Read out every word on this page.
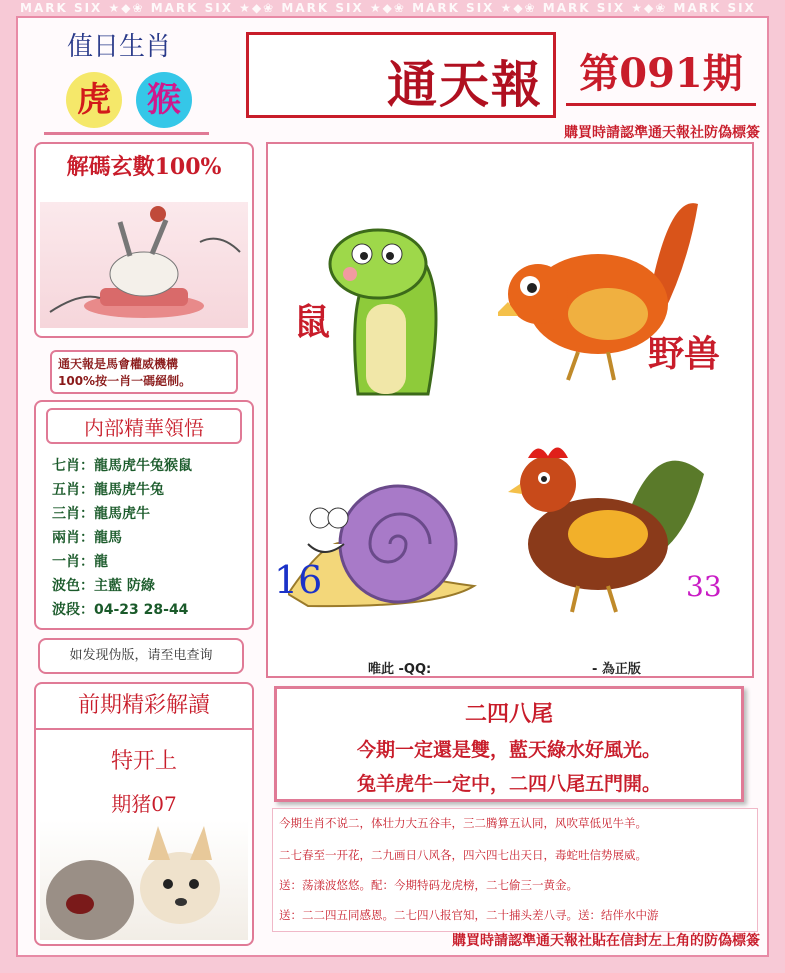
MARK SIX ★◆❀ MARK SIX ★◆❀ MARK SIX ★◆❀ MARK SIX ★◆❀ MARK SIX ★◆❀ MARK SIX
值日生肖
虎	猴	通天報 第091期
購買時請認準通天報社防偽標簽
解碼玄數100%
通天報是馬會權威機構
100%按一肖一碼絕制。
内部精華領悟
七肖：龍馬虎牛兔猴鼠
五肖：龍馬虎牛兔
三肖：龍馬虎牛
兩肖：龍馬
一肖：龍
波色：主藍 防綠
波段：04-23 28-44
如发现伪版，请至电查询
前期精彩解讀
特开上
期猪07
鼠
野兽
16	33
唯此 -QQ:	- 為正版
二四八尾
今期一定還是雙，藍天綠水好風光。
兔羊虎牛一定中，二四八尾五門開。
今期生肖不说二，体壮力大五谷丰，三二腾算五认同，风吹草低见牛羊。
二七春至一开花，二九画日八风各，四六四七出天日，毒蛇吐信势展威。
送：荡漾波悠悠。配：今期特码龙虎榜，二七偷三一黄金。
送：二二四五同感恩。二七四八报官知，二十捕头差八寻。送：结伴水中游
購買時請認準通天報社貼在信封左上角的防偽標簽
